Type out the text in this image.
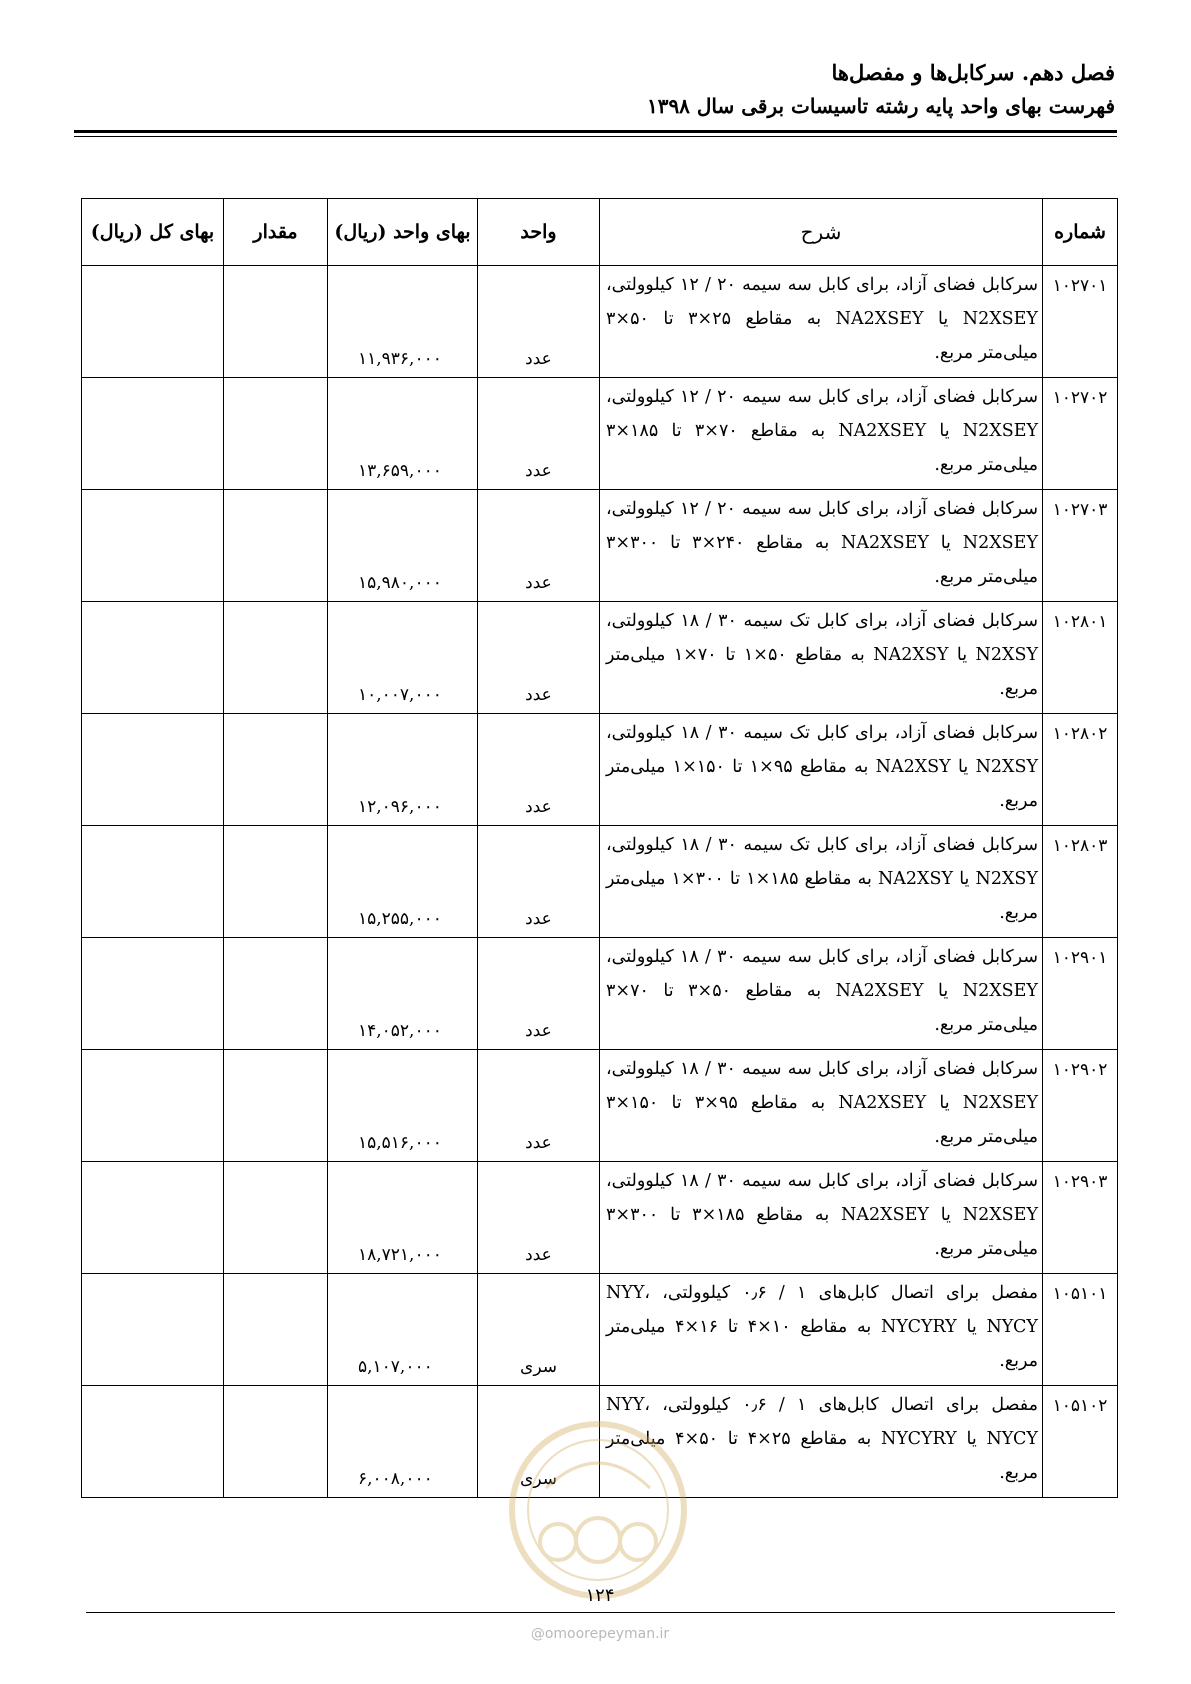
فصل دهم. سرکابل‌ها و مفصل‌ها
فهرست بهای واحد پایه رشته تاسیسات برقی سال ۱۳۹۸
شماره	شرح	واحد	بهای واحد (ریال)	مقدار	بهای کل (ریال)
۱۰۲۷۰۱	سرکابل فضای آزاد، برای کابل سه سیمه ۲۰ / ۱۲ کیلوولتی، N2XSEY یا NA2XSEY به مقاطع ۲۵×۳ تا ۵۰×۳ میلی‌متر مربع.	عدد	۱۱,۹۳۶,۰۰۰		
۱۰۲۷۰۲	سرکابل فضای آزاد، برای کابل سه سیمه ۲۰ / ۱۲ کیلوولتی، N2XSEY یا NA2XSEY به مقاطع ۷۰×۳ تا ۱۸۵×۳ میلی‌متر مربع.	عدد	۱۳,۶۵۹,۰۰۰		
۱۰۲۷۰۳	سرکابل فضای آزاد، برای کابل سه سیمه ۲۰ / ۱۲ کیلوولتی، N2XSEY یا NA2XSEY به مقاطع ۲۴۰×۳ تا ۳۰۰×۳ میلی‌متر مربع.	عدد	۱۵,۹۸۰,۰۰۰		
۱۰۲۸۰۱	سرکابل فضای آزاد، برای کابل تک سیمه ۳۰ / ۱۸ کیلوولتی، N2XSY یا NA2XSY به مقاطع ۵۰×۱ تا ۷۰×۱ میلی‌متر مربع.	عدد	۱۰,۰۰۷,۰۰۰		
۱۰۲۸۰۲	سرکابل فضای آزاد، برای کابل تک سیمه ۳۰ / ۱۸ کیلوولتی، N2XSY یا NA2XSY به مقاطع ۹۵×۱ تا ۱۵۰×۱ میلی‌متر مربع.	عدد	۱۲,۰۹۶,۰۰۰		
۱۰۲۸۰۳	سرکابل فضای آزاد، برای کابل تک سیمه ۳۰ / ۱۸ کیلوولتی، N2XSY یا NA2XSY به مقاطع ۱۸۵×۱ تا ۳۰۰×۱ میلی‌متر مربع.	عدد	۱۵,۲۵۵,۰۰۰		
۱۰۲۹۰۱	سرکابل فضای آزاد، برای کابل سه سیمه ۳۰ / ۱۸ کیلوولتی، N2XSEY یا NA2XSEY به مقاطع ۵۰×۳ تا ۷۰×۳ میلی‌متر مربع.	عدد	۱۴,۰۵۲,۰۰۰		
۱۰۲۹۰۲	سرکابل فضای آزاد، برای کابل سه سیمه ۳۰ / ۱۸ کیلوولتی، N2XSEY یا NA2XSEY به مقاطع ۹۵×۳ تا ۱۵۰×۳ میلی‌متر مربع.	عدد	۱۵,۵۱۶,۰۰۰		
۱۰۲۹۰۳	سرکابل فضای آزاد، برای کابل سه سیمه ۳۰ / ۱۸ کیلوولتی، N2XSEY یا NA2XSEY به مقاطع ۱۸۵×۳ تا ۳۰۰×۳ میلی‌متر مربع.	عدد	۱۸,۷۲۱,۰۰۰		
۱۰۵۱۰۱	مفصل برای اتصال کابل‌های ۱ / ۰٫۶ کیلوولتی، NYY، NYCY یا NYCYRY به مقاطع ۱۰×۴ تا ۱۶×۴ میلی‌متر مربع.	سری	۵,۱۰۷,۰۰۰		
۱۰۵۱۰۲	مفصل برای اتصال کابل‌های ۱ / ۰٫۶ کیلوولتی، NYY، NYCY یا NYCYRY به مقاطع ۲۵×۴ تا ۵۰×۴ میلی‌متر مربع.	سری	۶,۰۰۸,۰۰۰		
۱۲۴
@omoorepeyman.ir
